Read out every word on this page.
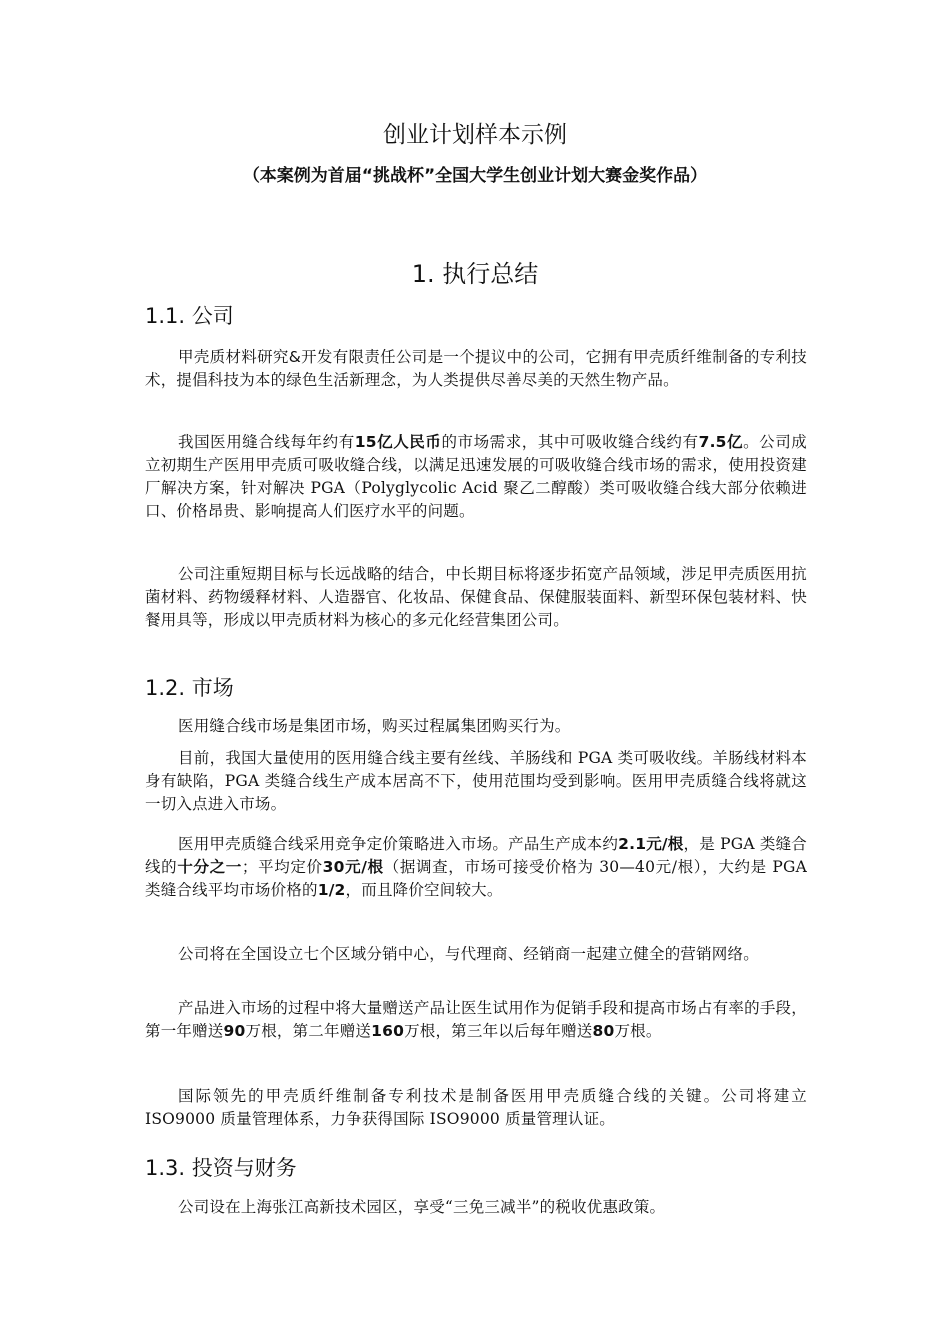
创业计划样本示例
（本案例为首届“挑战杯”全国大学生创业计划大赛金奖作品）
1. 执行总结
1.1. 公司

甲壳质材料研究&开发有限责任公司是一个提议中的公司，它拥有甲壳质纤维制备的专利技术，提倡科技为本的绿色生活新理念，为人类提供尽善尽美的天然生物产品。

我国医用缝合线每年约有15亿人民币的市场需求，其中可吸收缝合线约有7.5亿。公司成立初期生产医用甲壳质可吸收缝合线，以满足迅速发展的可吸收缝合线市场的需求，使用投资建厂解决方案，针对解决 PGA（Polyglycolic Acid 聚乙二醇酸）类可吸收缝合线大部分依赖进口、价格昂贵、影响提高人们医疗水平的问题。

公司注重短期目标与长远战略的结合，中长期目标将逐步拓宽产品领域，涉足甲壳质医用抗菌材料、药物缓释材料、人造器官、化妆品、保健食品、保健服装面料、新型环保包装材料、快餐用具等，形成以甲壳质材料为核心的多元化经营集团公司。

1.2. 市场

医用缝合线市场是集团市场，购买过程属集团购买行为。

目前，我国大量使用的医用缝合线主要有丝线、羊肠线和 PGA 类可吸收线。羊肠线材料本身有缺陷，PGA 类缝合线生产成本居高不下，使用范围均受到影响。医用甲壳质缝合线将就这一切入点进入市场。

医用甲壳质缝合线采用竞争定价策略进入市场。产品生产成本约2.1元/根，是 PGA 类缝合线的十分之一；平均定价30元/根（据调查，市场可接受价格为 30—40元/根），大约是 PGA 类缝合线平均市场价格的1/2，而且降价空间较大。

公司将在全国设立七个区域分销中心，与代理商、经销商一起建立健全的营销网络。

产品进入市场的过程中将大量赠送产品让医生试用作为促销手段和提高市场占有率的手段，第一年赠送90万根，第二年赠送160万根，第三年以后每年赠送80万根。

国际领先的甲壳质纤维制备专利技术是制备医用甲壳质缝合线的关键。公司将建立 ISO9000 质量管理体系，力争获得国际 ISO9000 质量管理认证。

1.3. 投资与财务

公司设在上海张江高新技术园区，享受“三免三减半”的税收优惠政策。
